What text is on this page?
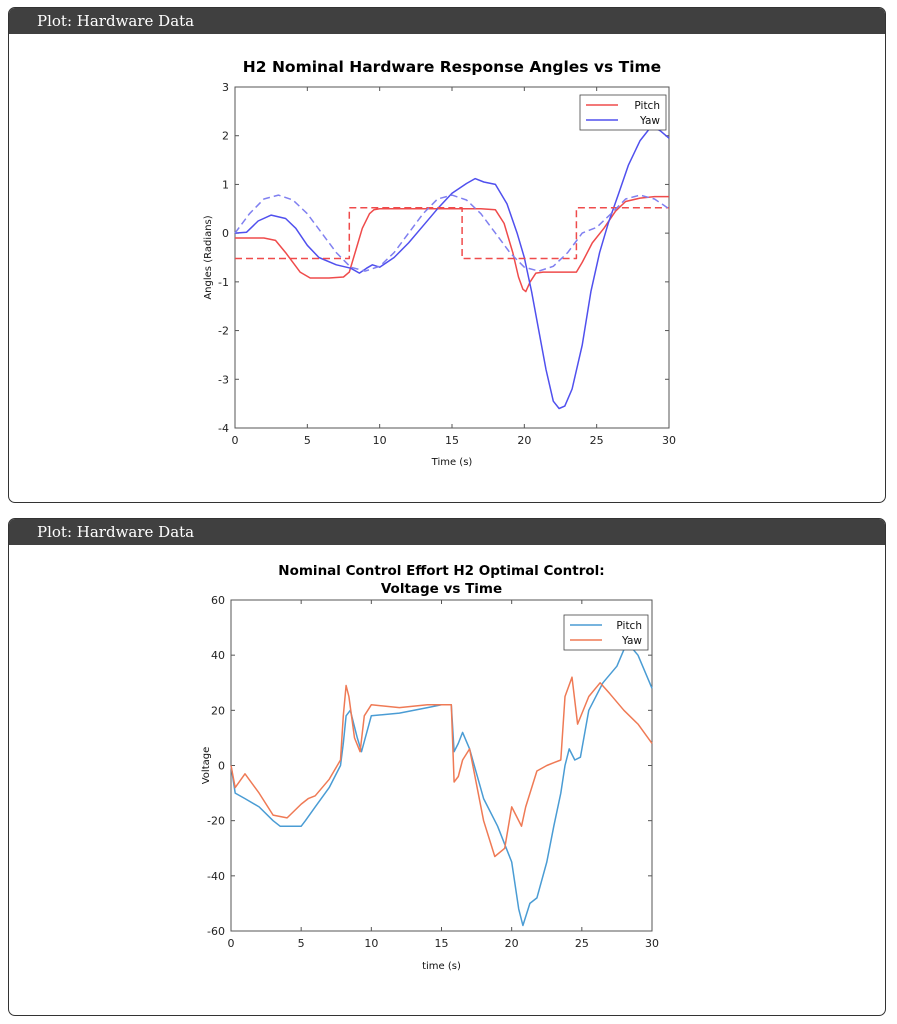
Plot: Hardware Data
0	5	10	15	20	25	30
-4
-3
-2
-1
0
1
2
3
H2 Nominal Hardware Response Angles vs Time
Time (s)
Angles (Radians)
Pitch
Yaw
Plot: Hardware Data
0	5	10	15	20	25	30
-60
-40
-20
0
20
40
60
Nominal Control Effort H2 Optimal Control:
Voltage vs Time
time (s)
Voltage
Pitch
Yaw
